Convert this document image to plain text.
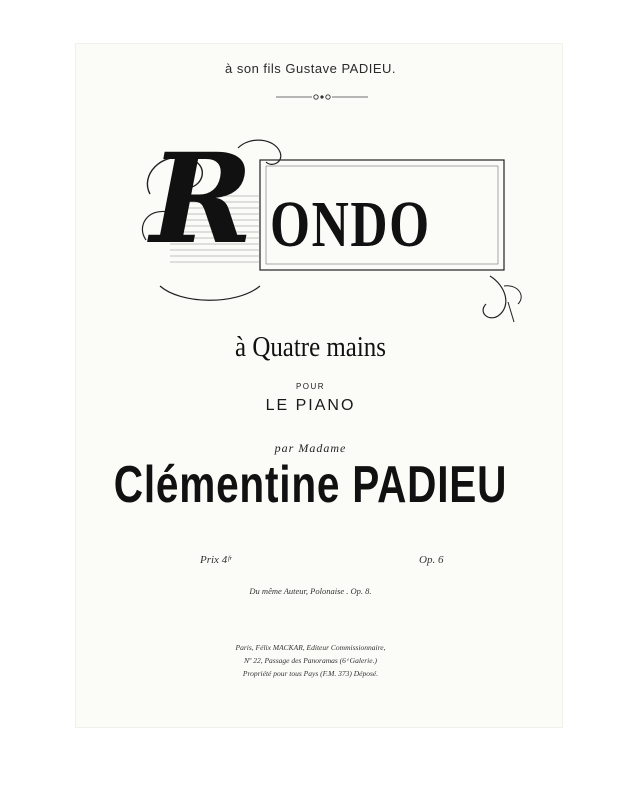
à son fils Gustave PADIEU.
R ONDO
à Quatre mains
POUR
LE PIANO
par Madame
Clémentine PADIEU
Prix 4ᶠʳ	Op. 6
Du même Auteur, Polonaise . Op. 8.
Paris, Félix MACKAR, Editeur Commissionnaire,
Nº 22, Passage des Panoramas (6 ͤ Galerie.)
Propriété pour tous Pays (F.M. 373) Déposé.
